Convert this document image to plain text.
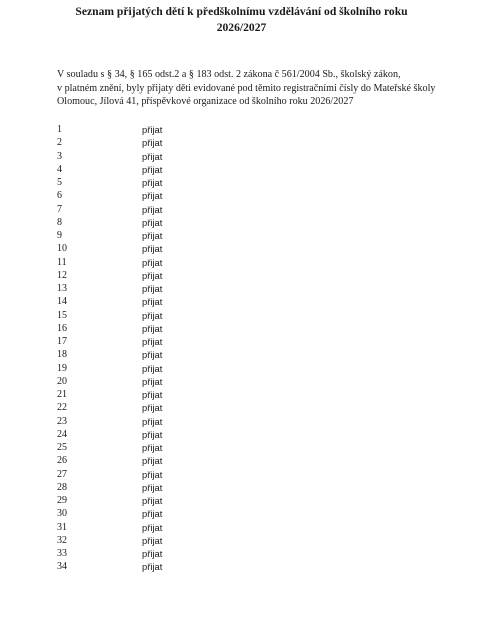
Seznam přijatých dětí k předškolnímu vzdělávání od školního roku
2026/2027
V souladu s § 34, § 165 odst.2 a § 183 odst. 2 zákona č 561/2004 Sb., školský zákon,
v platném znění, byly přijaty děti evidované pod těmito registračními čísly do Mateřské školy
Olomouc, Jílová 41, příspěvkové organizace od školního roku 2026/2027
1	přijat
2	přijat
3	přijat
4	přijat
5	přijat
6	přijat
7	přijat
8	přijat
9	přijat
10	přijat
11	přijat
12	přijat
13	přijat
14	přijat
15	přijat
16	přijat
17	přijat
18	přijat
19	přijat
20	přijat
21	přijat
22	přijat
23	přijat
24	přijat
25	přijat
26	přijat
27	přijat
28	přijat
29	přijat
30	přijat
31	přijat
32	přijat
33	přijat
34	přijat
